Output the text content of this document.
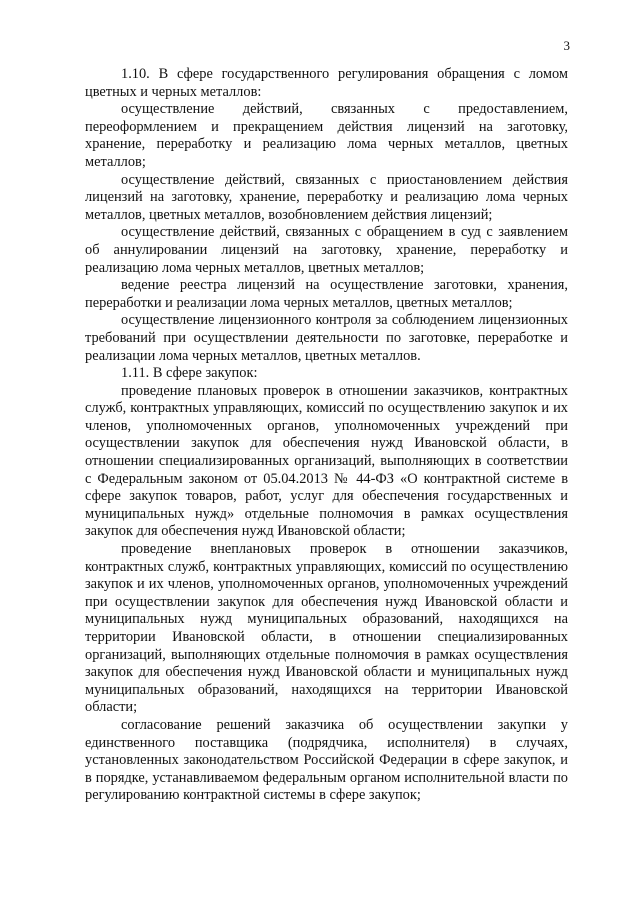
3

1.10. В сфере государственного регулирования обращения с ломом цветных и черных металлов:

осуществление действий, связанных с предоставлением, переоформлением и прекращением действия лицензий на заготовку, хранение, переработку и реализацию лома черных металлов, цветных металлов;

осуществление действий, связанных с приостановлением действия лицензий на заготовку, хранение, переработку и реализацию лома черных металлов, цветных металлов, возобновлением действия лицензий;

осуществление действий, связанных с обращением в суд с заявлением об аннулировании лицензий на заготовку, хранение, переработку и реализацию лома черных металлов, цветных металлов;

ведение реестра лицензий на осуществление заготовки, хранения, переработки и реализации лома черных металлов, цветных металлов;

осуществление лицензионного контроля за соблюдением лицензионных требований при осуществлении деятельности по заготовке, переработке и реализации лома черных металлов, цветных металлов.

1.11. В сфере закупок:

проведение плановых проверок в отношении заказчиков, контрактных служб, контрактных управляющих, комиссий по осуществлению закупок и их членов, уполномоченных органов, уполномоченных учреждений при осуществлении закупок для обеспечения нужд Ивановской области, в отношении специализированных организаций, выполняющих в соответствии с Федеральным законом от 05.04.2013 № 44-ФЗ «О контрактной системе в сфере закупок товаров, работ, услуг для обеспечения государственных и муниципальных нужд» отдельные полномочия в рамках осуществления закупок для обеспечения нужд Ивановской области;

проведение внеплановых проверок в отношении заказчиков, контрактных служб, контрактных управляющих, комиссий по осуществлению закупок и их членов, уполномоченных органов, уполномоченных учреждений при осуществлении закупок для обеспечения нужд Ивановской области и муниципальных нужд муниципальных образований, находящихся на территории Ивановской области, в отношении специализированных организаций, выполняющих отдельные полномочия в рамках осуществления закупок для обеспечения нужд Ивановской области и муниципальных нужд муниципальных образований, находящихся на территории Ивановской области;

согласование решений заказчика об осуществлении закупки у единственного поставщика (подрядчика, исполнителя) в случаях, установленных законодательством Российской Федерации в сфере закупок, и в порядке, устанавливаемом федеральным органом исполнительной власти по регулированию контрактной системы в сфере закупок;
